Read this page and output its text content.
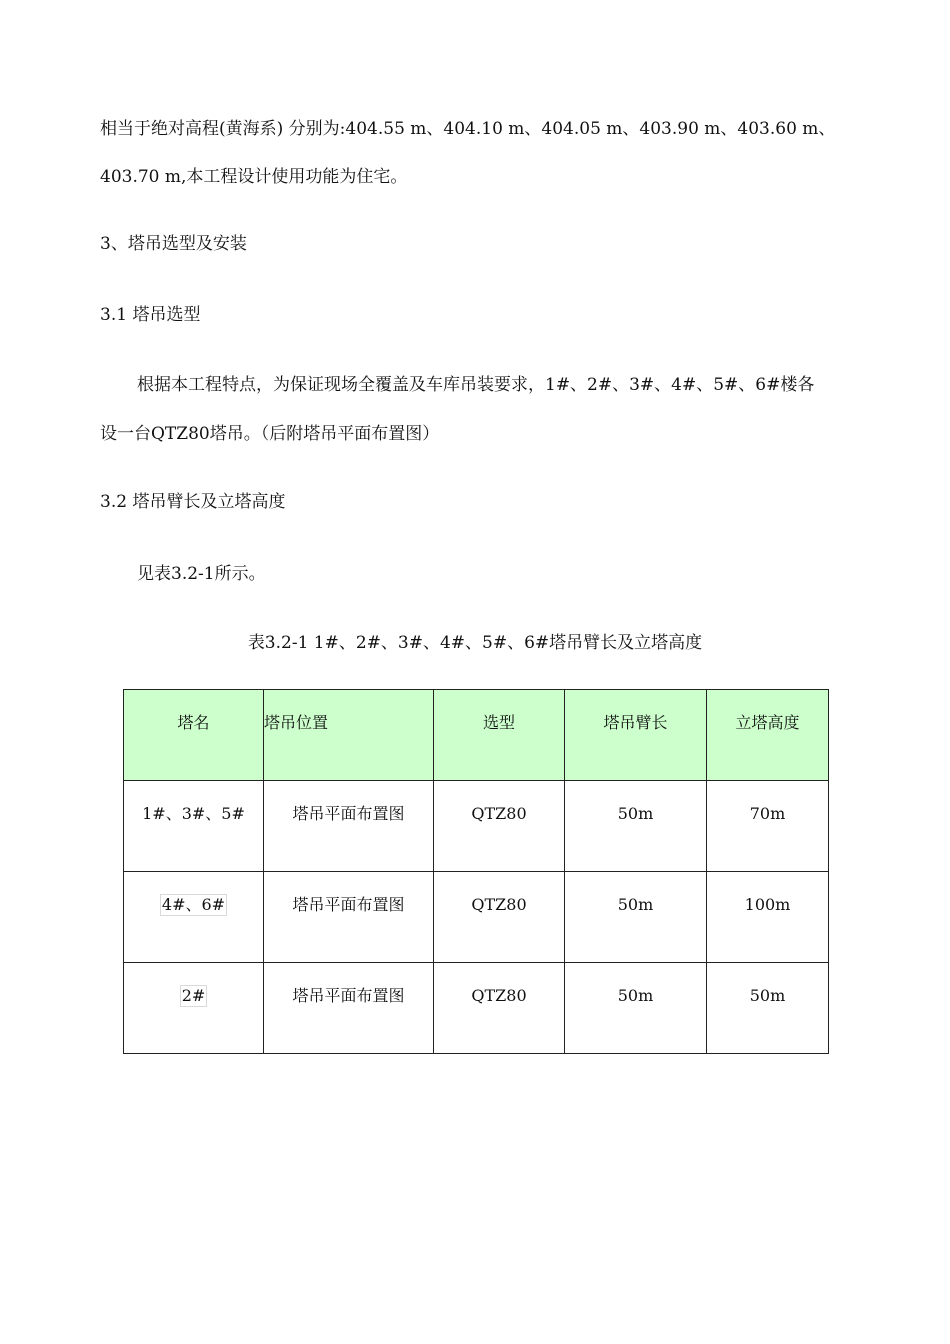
相当于绝对高程(黄海系) 分别为:404.55 m、404.10 m、404.05 m、403.90 m、403.60 m、
403.70 m,本工程设计使用功能为住宅。
3、塔吊选型及安装
3.1 塔吊选型
根据本工程特点，为保证现场全覆盖及车库吊装要求，1#、2#、3#、4#、5#、6#楼各
设一台QTZ80塔吊。（后附塔吊平面布置图）
3.2 塔吊臂长及立塔高度
见表3.2-1所示。
表3.2-1 1#、2#、3#、4#、5#、6#塔吊臂长及立塔高度
塔名	塔吊位置	选型	塔吊臂长	立塔高度

1#、3#、5#	塔吊平面布置图	QTZ80	50m	70m

4#、6#	塔吊平面布置图	QTZ80	50m	100m

2#	塔吊平面布置图	QTZ80	50m	50m
